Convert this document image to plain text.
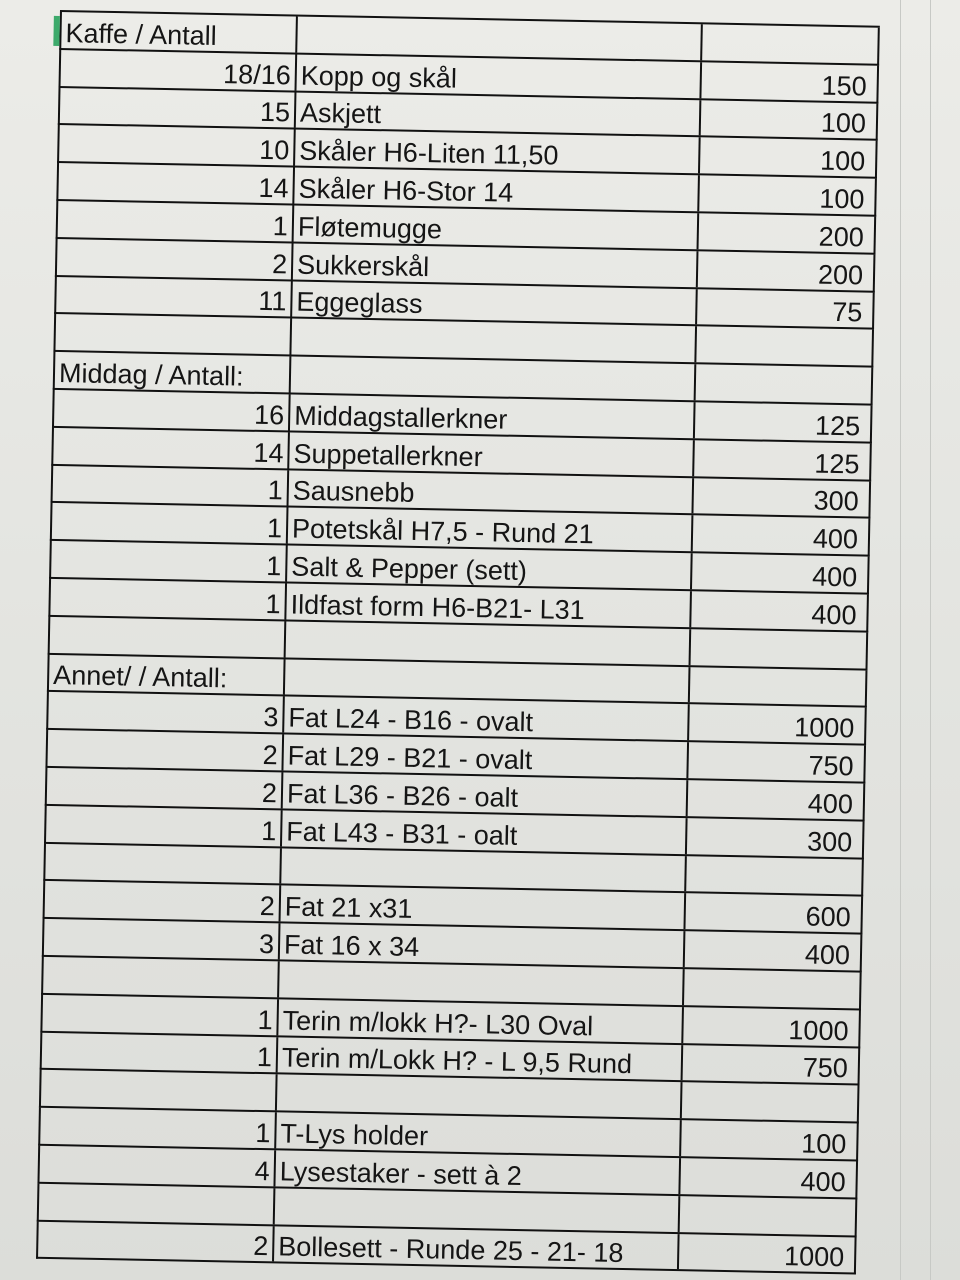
Kaffe / Antall
18/16 Kopp og skål	150
15 Askjett	100
10 Skåler H6-Liten 11,50	100
14 Skåler H6-Stor 14	100
1 Fløtemugge	200
2 Sukkerskål	200
11 Eggeglass	75
Middag / Antall:
16 Middagstallerkner	125
14 Suppetallerkner	125
1 Sausnebb	300
1 Potetskål H7,5 - Rund 21	400
1 Salt & Pepper (sett)	400
1 Ildfast form H6-B21- L31	400
Annet/ / Antall:
3 Fat L24 - B16 - ovalt	1000
2 Fat L29 - B21 - ovalt	750
2 Fat L36 - B26 - oalt	400
1 Fat L43 - B31 - oalt	300
2 Fat 21 x31	600
3 Fat 16 x 34	400
1 Terin m/lokk H?- L30 Oval	1000
1 Terin m/Lokk H? - L 9,5 Rund	750
1 T-Lys holder	100
4 Lysestaker - sett à 2	400
2 Bollesett - Runde 25 - 21- 18	1000
